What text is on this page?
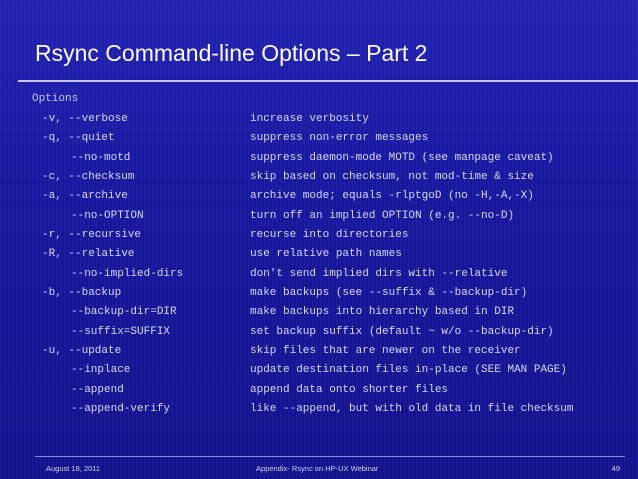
Rsync Command-line Options – Part 2
Options
-v, --verbose	increase verbosity
-q, --quiet	suppress non-error messages
--no-motd	suppress daemon-mode MOTD (see manpage caveat)
-c, --checksum	skip based on checksum, not mod-time & size
-a, --archive	archive mode; equals -rlptgoD (no -H,-A,-X)
--no-OPTION	turn off an implied OPTION (e.g. --no-D)
-r, --recursive	recurse into directories
-R, --relative	use relative path names
--no-implied-dirs	don't send implied dirs with --relative
-b, --backup	make backups (see --suffix & --backup-dir)
--backup-dir=DIR	make backups into hierarchy based in DIR
--suffix=SUFFIX	set backup suffix (default ~ w/o --backup-dir)
-u, --update	skip files that are newer on the receiver
--inplace	update destination files in-place (SEE MAN PAGE)
--append	append data onto shorter files
--append-verify	like --append, but with old data in file checksum
August 18, 2011	Appendix- Rsync on HP-UX Webinar	49
